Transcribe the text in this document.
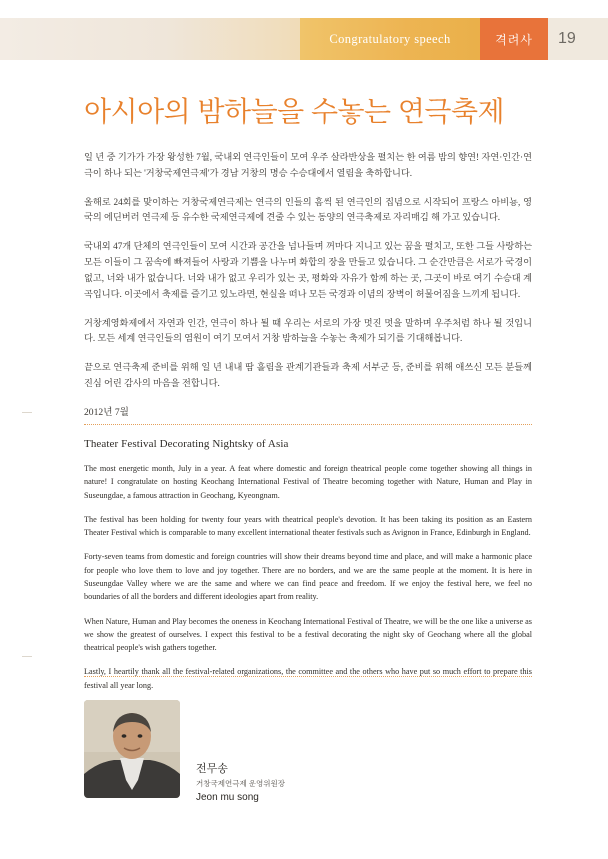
Congratulatory speech	격려사 19
아시아의 밤하늘을 수놓는 연극축제

일 년 중 기가가 가장 왕성한 7월, 국내외 연극인들이 모여 우주 살라반상을 펼치는 한 여름 밤의 향연! 자연·인간·연극이 하나 되는 '거창국제연극제'가 경남 거창의 명승 수승대에서 열림을 축하합니다.

올해로 24회를 맞이하는 거창국제연극제는 연극의 인들의 흠씩 된 연극인의 집념으로 시작되어 프랑스 아비뇽, 영국의 에딘버러 연극제 등 유수한 국제연극제에 견줄 수 있는 동양의 연극축제로 자리매김 해 가고 있습니다.

국내외 47개 단체의 연극인들이 모여 시간과 공간을 넘나들며 꺼마다 지니고 있는 꿈을 펼치고, 또한 그들 사랑하는 모든 이들이 그 꿈속에 빠져들어 사랑과 기쁨을 나누며 화합의 장을 만들고 있습니다. 그 순간만큼은 서로가 국경이 없고, 너와 내가 없습니다. 너와 내가 없고 우리가 있는 곳, 평화와 자유가 함께 하는 곳, 그곳이 바로 여기 수승대 계곡입니다. 이곳에서 축제를 즐기고 있노라면, 현실을 떠나 모든 국경과 이념의 장벽이 허물어짐을 느끼게 됩니다.

거창계영화제에서 자연과 인간, 연극이 하나 될 때 우리는 서로의 가장 멋진 멋을 말하며 우주처럼 하나 될 것입니다. 모든 세계 연극인들의 염원이 여기 모여서 거창 밤하늘을 수놓는 축제가 되기를 기대해봅니다.

끝으로 연극축제 준비를 위해 일 년 내내 땀 흘림을 관계기관들과 축제 서부군 등, 준비를 위해 애쓰신 모든 분들께 진심 어린 감사의 마음을 전합니다.

2012년 7월
Theater Festival Decorating Nightsky of Asia

The most energetic month, July in a year. A feat where domestic and foreign theatrical people come together showing all things in nature! I congratulate on hosting Keochang International Festival of Theatre becoming together with Nature, Human and Play in Suseungdae, a famous attraction in Geochang, Kyeongnam.

The festival has been holding for twenty four years with theatrical people's devotion. It has been taking its position as an Eastern Theater Festival which is comparable to many excellent international theater festivals such as Avignon in France, Edinburgh in England.

Forty-seven teams from domestic and foreign countries will show their dreams beyond time and place, and will make a harmonic place for people who love them to love and joy together. There are no borders, and we are the same people at the moment. It is here in Suseungdae Valley where we are the same and where we can find peace and freedom. If we enjoy the festival here, we feel no boundaries of all the borders and different ideologies apart from reality.

When Nature, Human and Play becomes the oneness in Keochang International Festival of Theatre, we will be the one like a universe as we show the greatest of ourselves. I expect this festival to be a festival decorating the night sky of Geochang where all the global theatrical people's wish gathers together.

Lastly, I heartily thank all the festival-related organizations, the committee and the others who have put so much effort to prepare this festival all year long.

전무송
거창국제연극제 운영위원장
Jeon mu song
